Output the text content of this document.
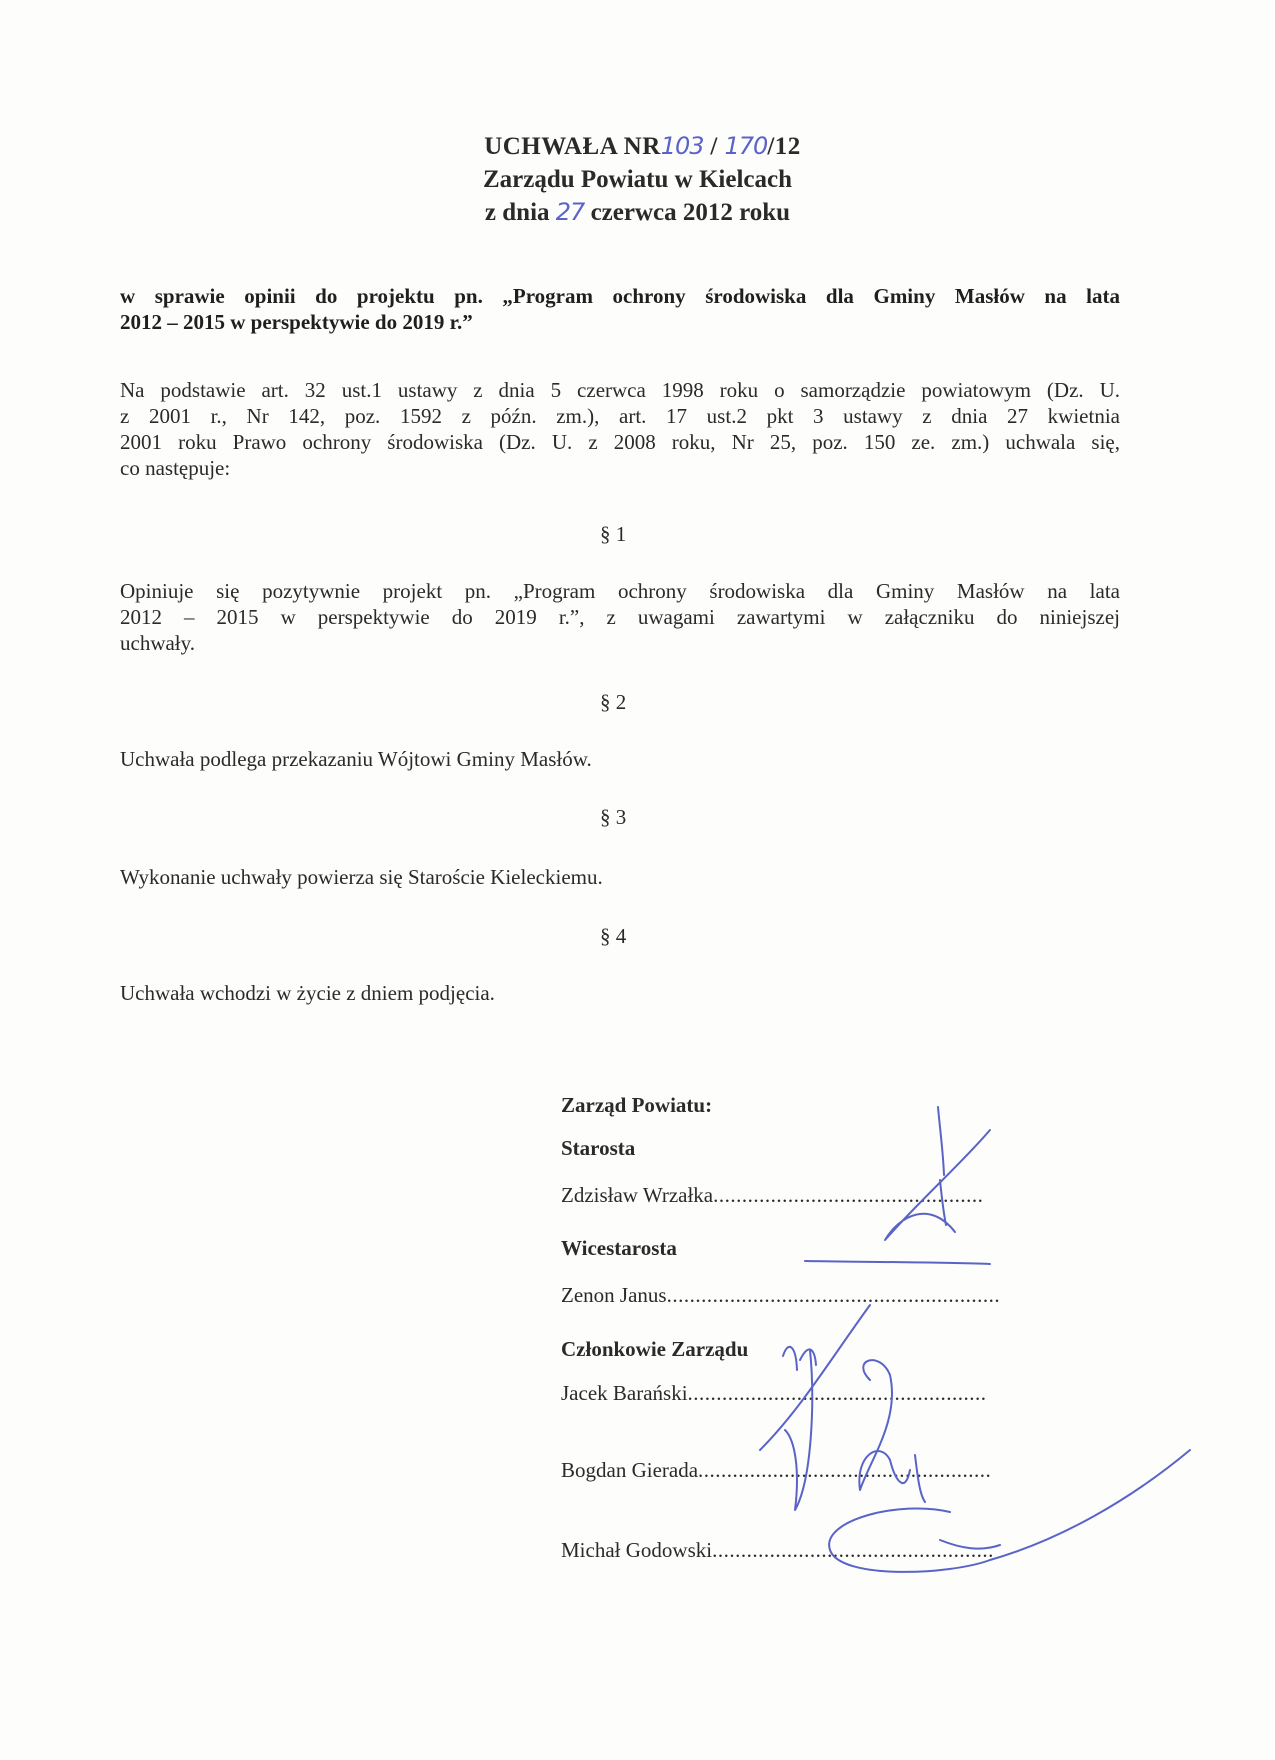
UCHWAŁA NR103 / 170/12
Zarządu Powiatu w Kielcach
z dnia 27 czerwca 2012 roku
w sprawie opinii do projektu pn. „Program ochrony środowiska dla Gminy Masłów na lata
2012 – 2015 w perspektywie do 2019 r.”
Na podstawie art. 32 ust.1 ustawy z dnia 5 czerwca 1998 roku o samorządzie powiatowym (Dz. U.
z 2001 r., Nr 142, poz. 1592 z późn. zm.), art. 17 ust.2 pkt 3 ustawy z dnia 27 kwietnia
2001 roku Prawo ochrony środowiska (Dz. U. z 2008 roku, Nr 25, poz. 150 ze. zm.) uchwala się,
co następuje:
§ 1
Opiniuje się pozytywnie projekt pn. „Program ochrony środowiska dla Gminy Masłów na lata
2012 – 2015 w perspektywie do 2019 r.”, z uwagami zawartymi w załączniku do niniejszej
uchwały.
§ 2
Uchwała podlega przekazaniu Wójtowi Gminy Masłów.
§ 3
Wykonanie uchwały powierza się Staroście Kieleckiemu.
§ 4
Uchwała wchodzi w życie z dniem podjęcia.
Zarząd Powiatu:
Starosta
Zdzisław Wrzałka...............................................
Wicestarosta
Zenon Janus..........................................................
Członkowie Zarządu
Jacek Barański....................................................
Bogdan Gierada...................................................
Michał Godowski.................................................
